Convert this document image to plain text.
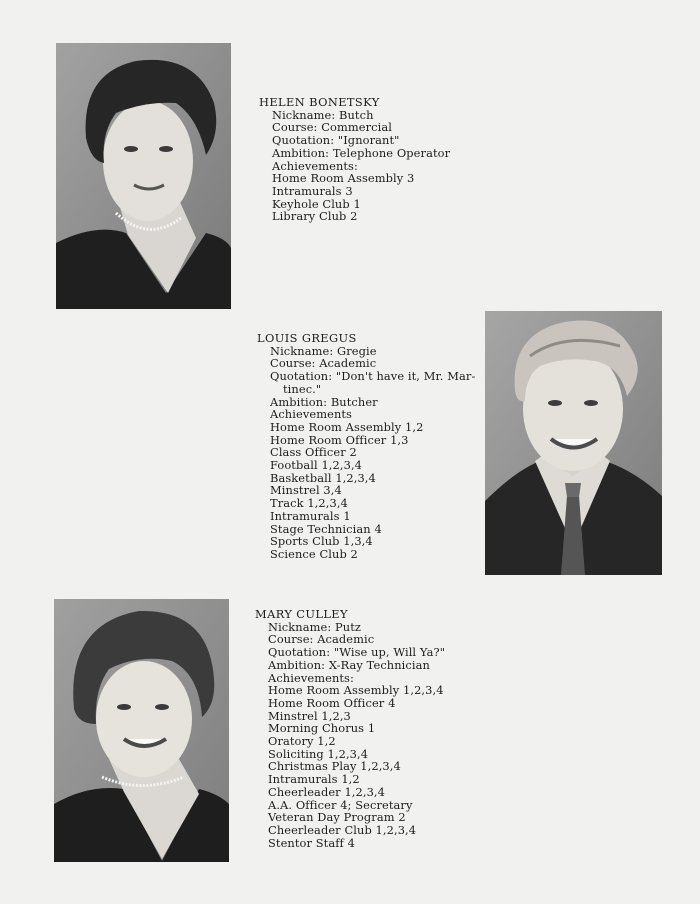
HELEN BONETSKY
Nickname: Butch
Course: Commercial
Quotation: "Ignorant"
Ambition: Telephone Operator
Achievements:
Home Room Assembly 3
Intramurals 3
Keyhole Club 1
Library Club 2
LOUIS GREGUS
Nickname: Gregie
Course: Academic
Quotation: "Don't have it, Mr. Mar-
tinec."
Ambition: Butcher
Achievements
Home Room Assembly 1,2
Home Room Officer 1,3
Class Officer 2
Football 1,2,3,4
Basketball 1,2,3,4
Minstrel 3,4
Track 1,2,3,4
Intramurals 1
Stage Technician 4
Sports Club 1,3,4
Science Club 2
MARY CULLEY
Nickname: Putz
Course: Academic
Quotation: "Wise up, Will Ya?"
Ambition: X-Ray Technician
Achievements:
Home Room Assembly 1,2,3,4
Home Room Officer 4
Minstrel 1,2,3
Morning Chorus 1
Oratory 1,2
Soliciting 1,2,3,4
Christmas Play 1,2,3,4
Intramurals 1,2
Cheerleader 1,2,3,4
A.A. Officer 4; Secretary
Veteran Day Program 2
Cheerleader Club 1,2,3,4
Stentor Staff 4
